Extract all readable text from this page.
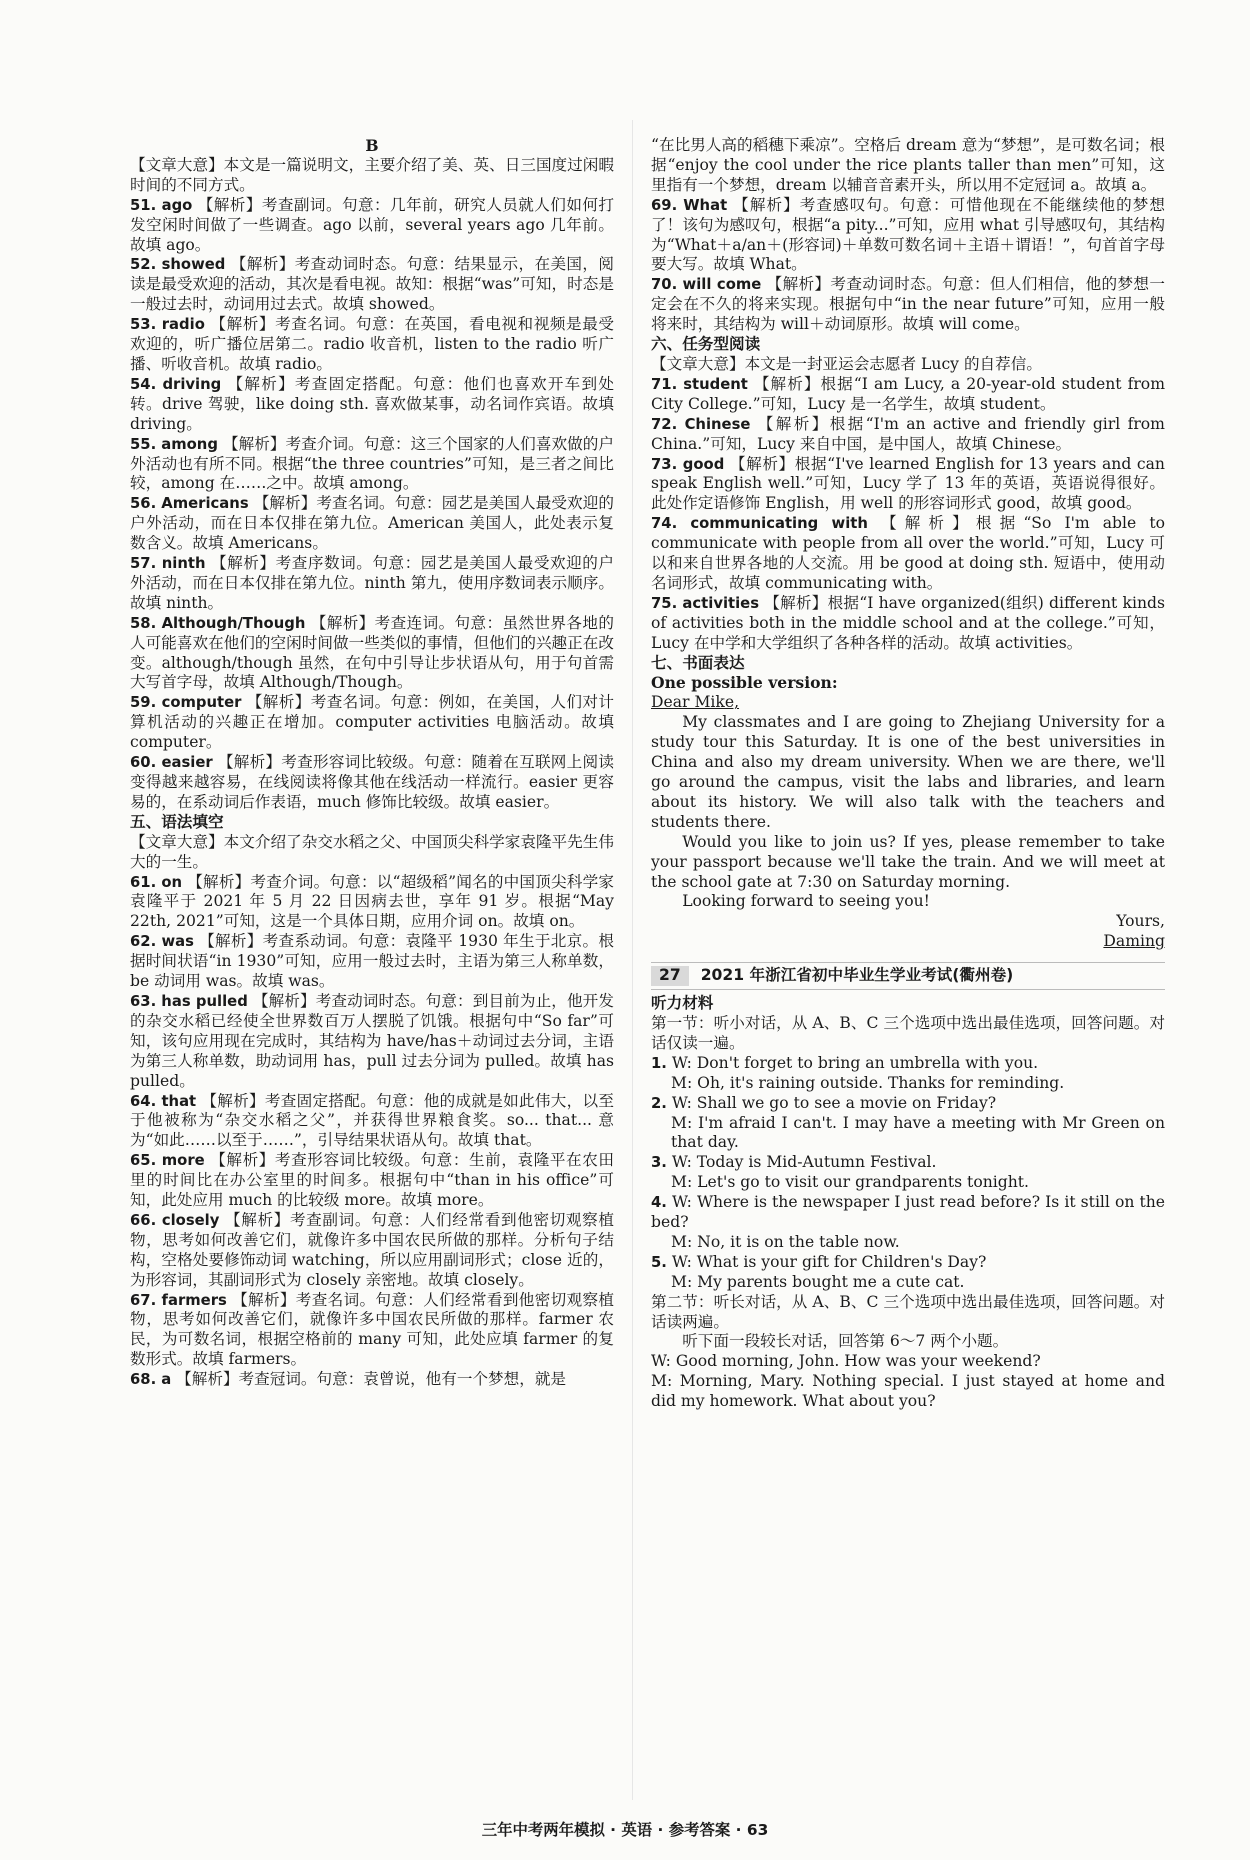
B

【文章大意】本文是一篇说明文，主要介绍了美、英、日三国度过闲暇时间的不同方式。

51. ago 【解析】考查副词。句意：几年前，研究人员就人们如何打发空闲时间做了一些调查。ago 以前，several years ago 几年前。故填 ago。

52. showed 【解析】考查动词时态。句意：结果显示，在美国，阅读是最受欢迎的活动，其次是看电视。故知：根据“was”可知，时态是一般过去时，动词用过去式。故填 showed。

53. radio 【解析】考查名词。句意：在英国，看电视和视频是最受欢迎的，听广播位居第二。radio 收音机，listen to the radio 听广播、听收音机。故填 radio。

54. driving 【解析】考查固定搭配。句意：他们也喜欢开车到处转。drive 驾驶，like doing sth. 喜欢做某事，动名词作宾语。故填 driving。

55. among 【解析】考查介词。句意：这三个国家的人们喜欢做的户外活动也有所不同。根据“the three countries”可知，是三者之间比较，among 在……之中。故填 among。

56. Americans 【解析】考查名词。句意：园艺是美国人最受欢迎的户外活动，而在日本仅排在第九位。American 美国人，此处表示复数含义。故填 Americans。

57. ninth 【解析】考查序数词。句意：园艺是美国人最受欢迎的户外活动，而在日本仅排在第九位。ninth 第九，使用序数词表示顺序。故填 ninth。

58. Although/Though 【解析】考查连词。句意：虽然世界各地的人可能喜欢在他们的空闲时间做一些类似的事情，但他们的兴趣正在改变。although/though 虽然，在句中引导让步状语从句，用于句首需大写首字母，故填 Although/Though。

59. computer 【解析】考查名词。句意：例如，在美国，人们对计算机活动的兴趣正在增加。computer activities 电脑活动。故填 computer。

60. easier 【解析】考查形容词比较级。句意：随着在互联网上阅读变得越来越容易，在线阅读将像其他在线活动一样流行。easier 更容易的，在系动词后作表语，much 修饰比较级。故填 easier。

五、语法填空

【文章大意】本文介绍了杂交水稻之父、中国顶尖科学家袁隆平先生伟大的一生。

61. on 【解析】考查介词。句意：以“超级稻”闻名的中国顶尖科学家袁隆平于 2021 年 5 月 22 日因病去世，享年 91 岁。根据“May 22th, 2021”可知，这是一个具体日期，应用介词 on。故填 on。

62. was 【解析】考查系动词。句意：袁隆平 1930 年生于北京。根据时间状语“in 1930”可知，应用一般过去时，主语为第三人称单数，be 动词用 was。故填 was。

63. has pulled 【解析】考查动词时态。句意：到目前为止，他开发的杂交水稻已经使全世界数百万人摆脱了饥饿。根据句中“So far”可知，该句应用现在完成时，其结构为 have/has＋动词过去分词，主语为第三人称单数，助动词用 has，pull 过去分词为 pulled。故填 has pulled。

64. that 【解析】考查固定搭配。句意：他的成就是如此伟大，以至于他被称为“杂交水稻之父”，并获得世界粮食奖。so... that... 意为“如此……以至于……”，引导结果状语从句。故填 that。

65. more 【解析】考查形容词比较级。句意：生前，袁隆平在农田里的时间比在办公室里的时间多。根据句中“than in his office”可知，此处应用 much 的比较级 more。故填 more。

66. closely 【解析】考查副词。句意：人们经常看到他密切观察植物，思考如何改善它们，就像许多中国农民所做的那样。分析句子结构，空格处要修饰动词 watching，所以应用副词形式；close 近的，为形容词，其副词形式为 closely 亲密地。故填 closely。

67. farmers 【解析】考查名词。句意：人们经常看到他密切观察植物，思考如何改善它们，就像许多中国农民所做的那样。farmer 农民，为可数名词，根据空格前的 many 可知，此处应填 farmer 的复数形式。故填 farmers。

68. a 【解析】考查冠词。句意：袁曾说，他有一个梦想，就是

“在比男人高的稻穗下乘凉”。空格后 dream 意为“梦想”，是可数名词；根据“enjoy the cool under the rice plants taller than men”可知，这里指有一个梦想，dream 以辅音音素开头，所以用不定冠词 a。故填 a。

69. What 【解析】考查感叹句。句意：可惜他现在不能继续他的梦想了！该句为感叹句，根据“a pity...”可知，应用 what 引导感叹句，其结构为“What＋a/an＋(形容词)＋单数可数名词＋主语＋谓语！”，句首首字母要大写。故填 What。

70. will come 【解析】考查动词时态。句意：但人们相信，他的梦想一定会在不久的将来实现。根据句中“in the near future”可知，应用一般将来时，其结构为 will＋动词原形。故填 will come。

六、任务型阅读

【文章大意】本文是一封亚运会志愿者 Lucy 的自荐信。

71. student 【解析】根据“I am Lucy, a 20-year-old student from City College.”可知，Lucy 是一名学生，故填 student。

72. Chinese 【解析】根据“I'm an active and friendly girl from China.”可知，Lucy 来自中国，是中国人，故填 Chinese。

73. good 【解析】根据“I've learned English for 13 years and can speak English well.”可知，Lucy 学了 13 年的英语，英语说得很好。此处作定语修饰 English，用 well 的形容词形式 good，故填 good。

74. communicating with 【解析】根据“So I'm able to communicate with people from all over the world.”可知，Lucy 可以和来自世界各地的人交流。用 be good at doing sth. 短语中，使用动名词形式，故填 communicating with。

75. activities 【解析】根据“I have organized(组织) different kinds of activities both in the middle school and at the college.”可知，Lucy 在中学和大学组织了各种各样的活动。故填 activities。

七、书面表达

One possible version:

Dear Mike,

My classmates and I are going to Zhejiang University for a study tour this Saturday. It is one of the best universities in China and also my dream university. When we are there, we'll go around the campus, visit the labs and libraries, and learn about its history. We will also talk with the teachers and students there.

Would you like to join us? If yes, please remember to take your passport because we'll take the train. And we will meet at the school gate at 7:30 on Saturday morning.

Looking forward to seeing you!

Yours,

Daming

27 2021 年浙江省初中毕业生学业考试(衢州卷)

听力材料

第一节：听小对话，从 A、B、C 三个选项中选出最佳选项，回答问题。对话仅读一遍。

1. W: Don't forget to bring an umbrella with you.

M: Oh, it's raining outside. Thanks for reminding.

2. W: Shall we go to see a movie on Friday?

M: I'm afraid I can't. I may have a meeting with Mr Green on that day.

3. W: Today is Mid-Autumn Festival.

M: Let's go to visit our grandparents tonight.

4. W: Where is the newspaper I just read before? Is it still on the bed?

M: No, it is on the table now.

5. W: What is your gift for Children's Day?

M: My parents bought me a cute cat.

第二节：听长对话，从 A、B、C 三个选项中选出最佳选项，回答问题。对话读两遍。

听下面一段较长对话，回答第 6～7 两个小题。

W: Good morning, John. How was your weekend?

M: Morning, Mary. Nothing special. I just stayed at home and did my homework. What about you?

三年中考两年模拟 · 英语 · 参考答案 · 63
